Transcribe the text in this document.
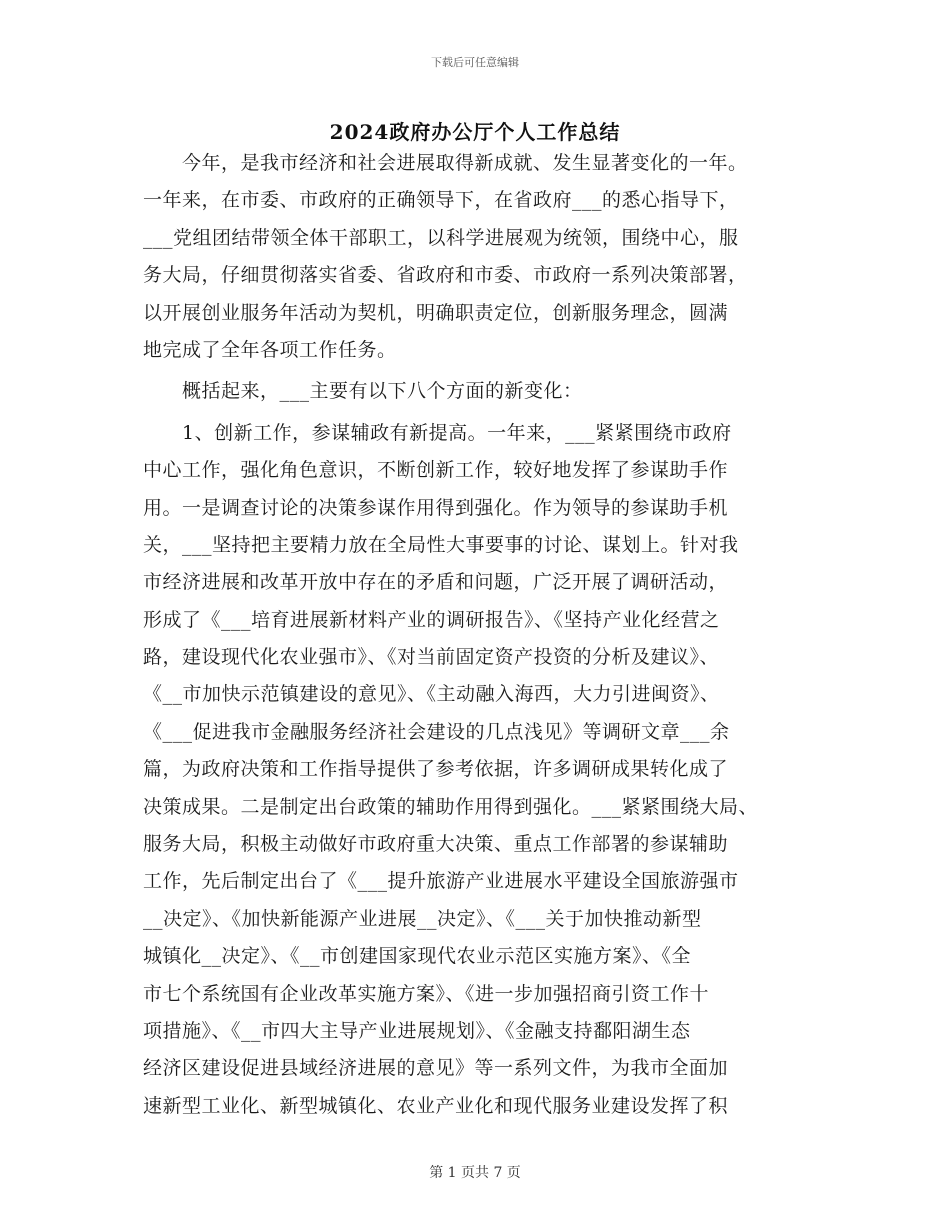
下载后可任意编辑
2024政府办公厅个人工作总结
　　今年，是我市经济和社会进展取得新成就、发生显著变化的一年。
一年来，在市委、市政府的正确领导下，在省政府___的悉心指导下，
___党组团结带领全体干部职工，以科学进展观为统领，围绕中心，服
务大局，仔细贯彻落实省委、省政府和市委、市政府一系列决策部署，
以开展创业服务年活动为契机，明确职责定位，创新服务理念，圆满
地完成了全年各项工作任务。
　　概括起来，___主要有以下八个方面的新变化：
　　1、创新工作，参谋辅政有新提高。一年来，___紧紧围绕市政府
中心工作，强化角色意识，不断创新工作，较好地发挥了参谋助手作
用。一是调查讨论的决策参谋作用得到强化。作为领导的参谋助手机
关，___坚持把主要精力放在全局性大事要事的讨论、谋划上。针对我
市经济进展和改革开放中存在的矛盾和问题，广泛开展了调研活动，
形成了《___培育进展新材料产业的调研报告》、《坚持产业化经营之
路，建设现代化农业强市》、《对当前固定资产投资的分析及建议》、
《__市加快示范镇建设的意见》、《主动融入海西，大力引进闽资》、
《___促进我市金融服务经济社会建设的几点浅见》等调研文章___余
篇，为政府决策和工作指导提供了参考依据，许多调研成果转化成了
决策成果。二是制定出台政策的辅助作用得到强化。___紧紧围绕大局、
服务大局，积极主动做好市政府重大决策、重点工作部署的参谋辅助
工作，先后制定出台了《___提升旅游产业进展水平建设全国旅游强市
__决定》、《加快新能源产业进展__决定》、《___关于加快推动新型
城镇化__决定》、《__市创建国家现代农业示范区实施方案》、《全
市七个系统国有企业改革实施方案》、《进一步加强招商引资工作十
项措施》、《__市四大主导产业进展规划》、《金融支持鄱阳湖生态
经济区建设促进县域经济进展的意见》等一系列文件，为我市全面加
速新型工业化、新型城镇化、农业产业化和现代服务业建设发挥了积
第 1 页共 7 页
